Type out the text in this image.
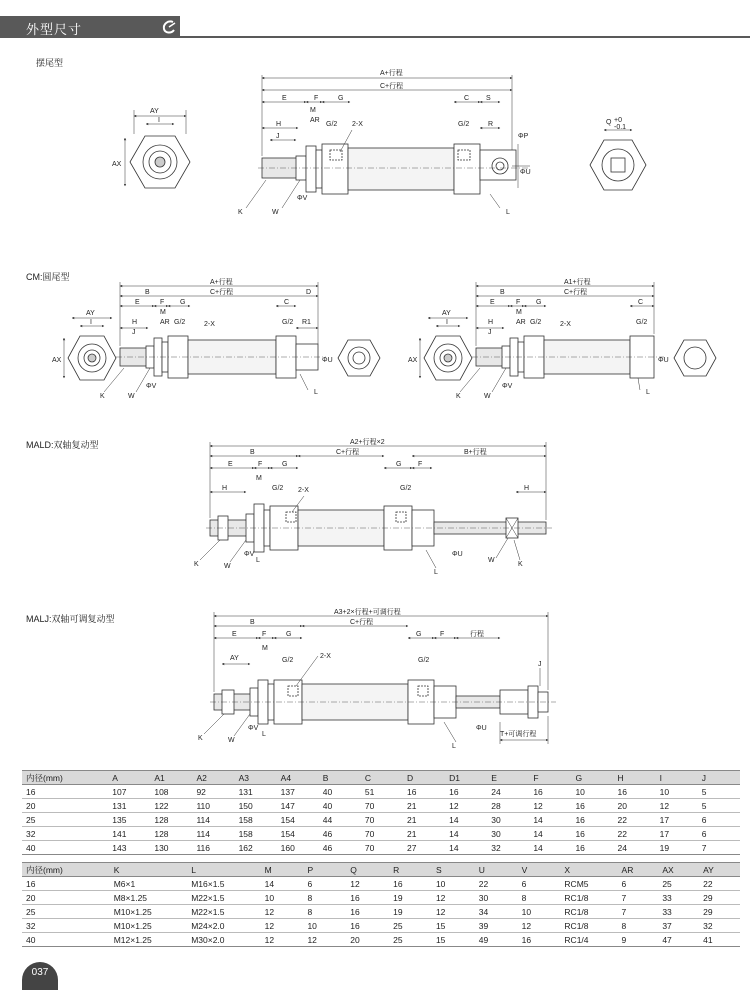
外型尺寸
摆尾型
CM:圆尾型
MALD:双轴复动型
MALJ:双轴可调复动型
A+行程
C+行程
E	F
M
AR
G	C S
H
J
G/2 2-X	G/2	R
ΦP
ΦU
K	W
ΦV
L
AY
I
AX
Q +0
-0.1
A+行程
B	C+行程
E	F G
D
M
AR G/2	2-X
H
J
G/2 R1
C
ΦU
K	W
ΦV
L
AY
I
AX
A1+行程
B	C+行程
E	F G
M
AR G/2	2-X
H
J
G/2
C
ΦU
K	W
ΦV
L
AY
I
AX
A2+行程×2
B	C+行程	B+行程
E	F	G	G F
M
H	G/2 2-X	G/2	H
K	W
ΦV
L
ΦU
W
K
L
A3+2×行程+可调行程
B	C+行程
E	F	G	G	F	行程
AY
M
G/2
2-X
G/2
J
K	W
ΦV
L
ΦU
L
T+可调行程
内径(mm)	A	A1	A2	A3	A4	B	C	D	D1	E	F	G	H	I	J
16	107	108	92	131	137	40	51	16	16	24	16	10	16	10	5
20	131	122	110	150	147	40	70	21	12	28	12	16	20	12	5
25	135	128	114	158	154	44	70	21	14	30	14	16	22	17	6
32	141	128	114	158	154	46	70	21	14	30	14	16	22	17	6
40	143	130	116	162	160	46	70	27	14	32	14	16	24	19	7
内径(mm)	K	L	M	P	Q	R	S	U	V	X	AR	AX	AY
16	M6×1	M16×1.5	14	6	12	16	10	22	6	RCM5	6	25	22
20	M8×1.25	M22×1.5	10	8	16	19	12	30	8	RC1/8	7	33	29
25	M10×1.25	M22×1.5	12	8	16	19	12	34	10	RC1/8	7	33	29
32	M10×1.25	M24×2.0	12	10	16	25	15	39	12	RC1/8	8	37	32
40	M12×1.25	M30×2.0	12	12	20	25	15	49	16	RC1/4	9	47	41
037
